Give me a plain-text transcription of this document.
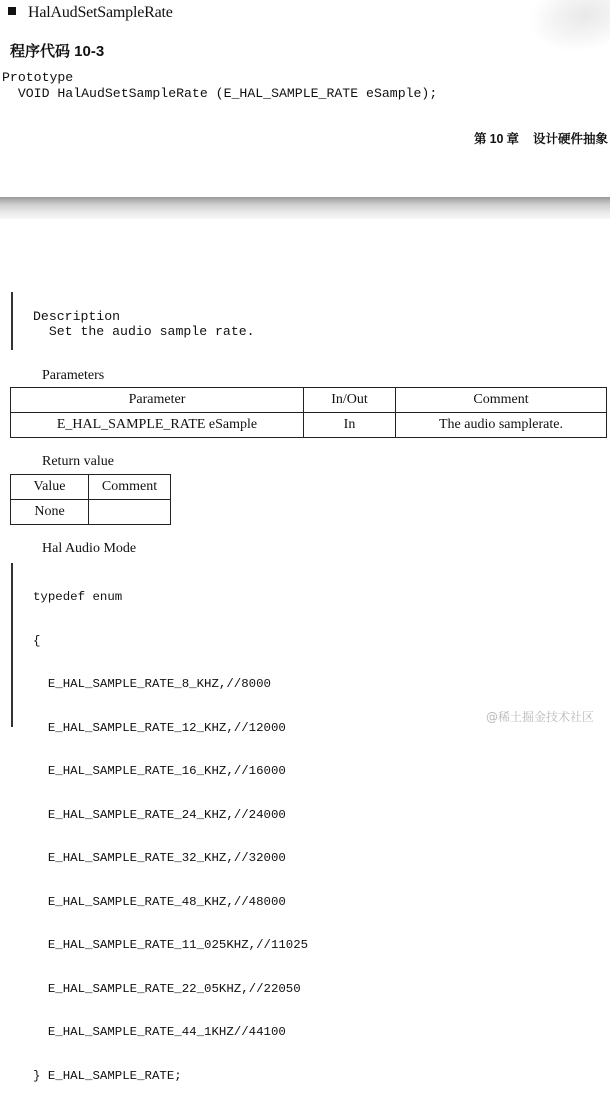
HalAudSetSampleRate
程序代码 10-3
Prototype
VOID HalAudSetSampleRate (E_HAL_SAMPLE_RATE eSample);
第 10 章 设计硬件抽象
Description
Set the audio sample rate.
Parameters
Parameter	In/Out	Comment
E_HAL_SAMPLE_RATE eSample	In	The audio samplerate.
Return value
Value	Comment
None	
Hal Audio Mode

typedef enum

{

E_HAL_SAMPLE_RATE_8_KHZ,//8000

E_HAL_SAMPLE_RATE_12_KHZ,//12000

E_HAL_SAMPLE_RATE_16_KHZ,//16000

E_HAL_SAMPLE_RATE_24_KHZ,//24000

E_HAL_SAMPLE_RATE_32_KHZ,//32000

E_HAL_SAMPLE_RATE_48_KHZ,//48000

E_HAL_SAMPLE_RATE_11_025KHZ,//11025

E_HAL_SAMPLE_RATE_22_05KHZ,//22050

E_HAL_SAMPLE_RATE_44_1KHZ//44100

} E_HAL_SAMPLE_RATE;

@稀土掘金技术社区
